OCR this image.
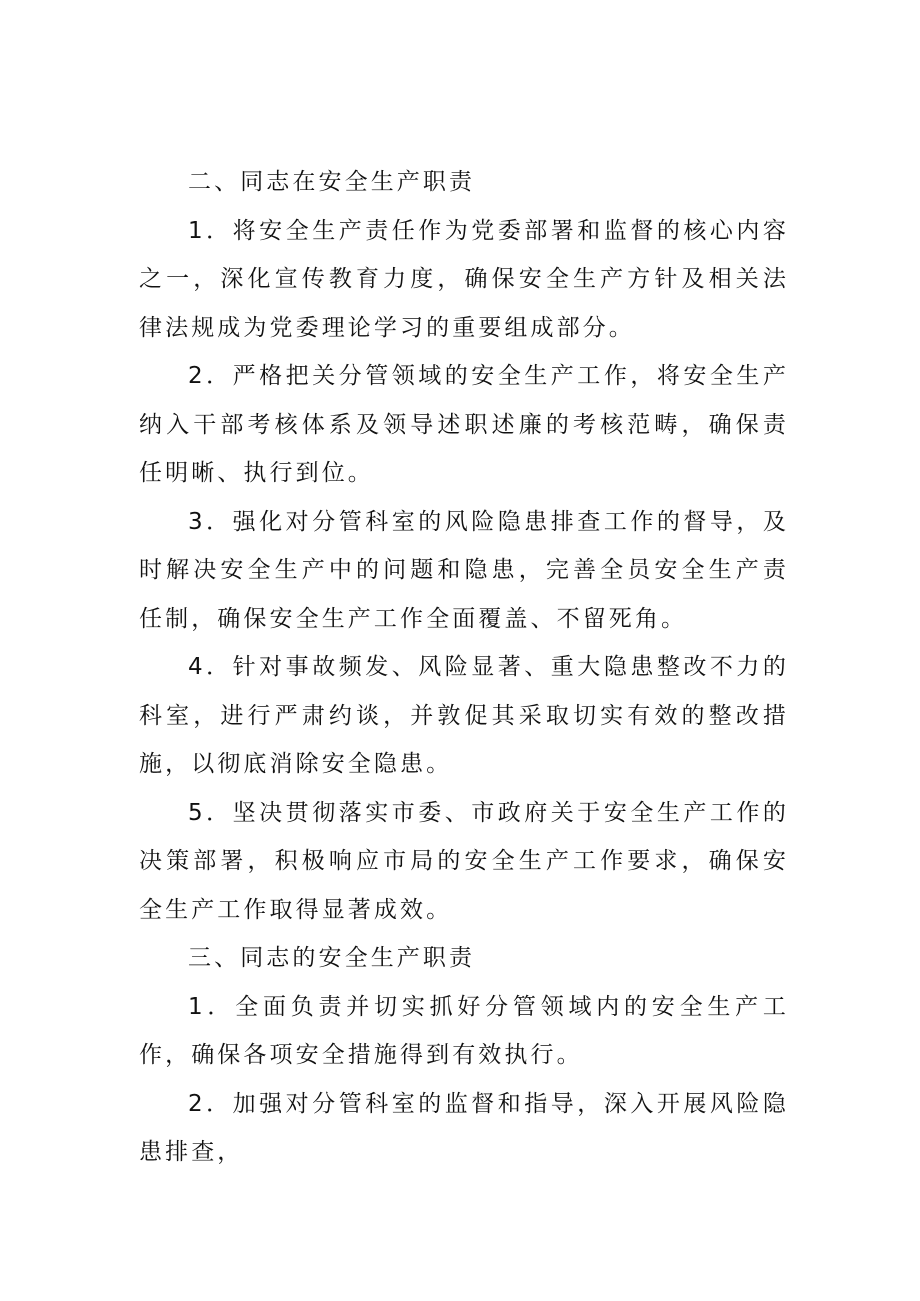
二、同志在安全生产职责

1．将安全生产责任作为党委部署和监督的核心内容之一，深化宣传教育力度，确保安全生产方针及相关法律法规成为党委理论学习的重要组成部分。

2．严格把关分管领域的安全生产工作，将安全生产纳入干部考核体系及领导述职述廉的考核范畴，确保责任明晰、执行到位。

3．强化对分管科室的风险隐患排查工作的督导，及时解决安全生产中的问题和隐患，完善全员安全生产责任制，确保安全生产工作全面覆盖、不留死角。

4．针对事故频发、风险显著、重大隐患整改不力的科室，进行严肃约谈，并敦促其采取切实有效的整改措施，以彻底消除安全隐患。

5．坚决贯彻落实市委、市政府关于安全生产工作的决策部署，积极响应市局的安全生产工作要求，确保安全生产工作取得显著成效。

三、同志的安全生产职责

1．全面负责并切实抓好分管领域内的安全生产工作，确保各项安全措施得到有效执行。

2．加强对分管科室的监督和指导，深入开展风险隐患排查，
